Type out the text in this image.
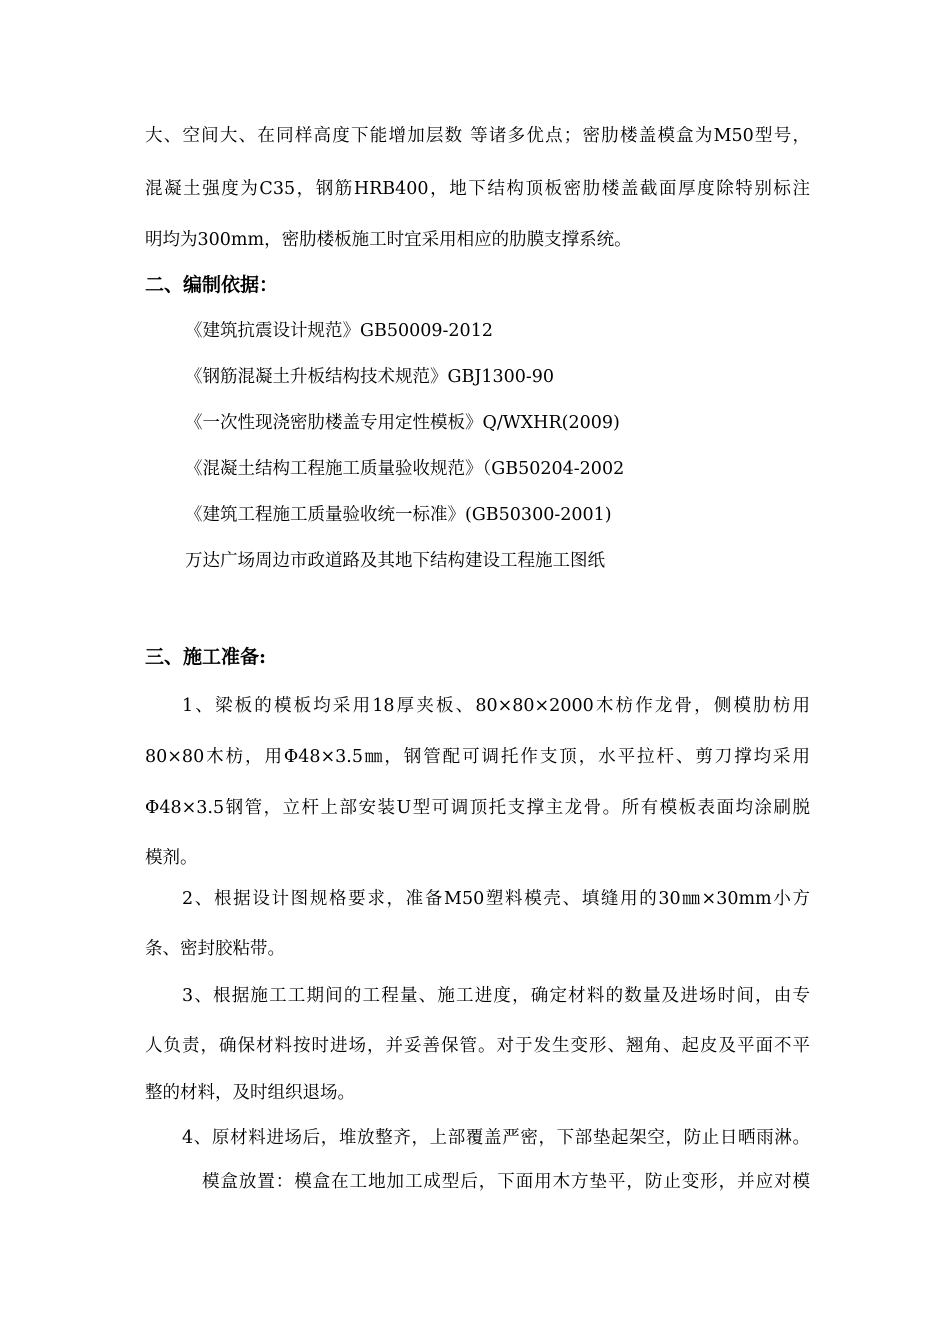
大、空间大、在同样高度下能增加层数 等诸多优点；密肋楼盖模盒为M50型号，
混凝土强度为C35，钢筋HRB400，地下结构顶板密肋楼盖截面厚度除特别标注
明均为300mm，密肋楼板施工时宜采用相应的肋膜支撑系统。
二、编制依据：
《建筑抗震设计规范》GB50009-2012
《钢筋混凝土升板结构技术规范》GBJ1300-90
《一次性现浇密肋楼盖专用定性模板》Q/WXHR(2009)
《混凝土结构工程施工质量验收规范》（GB50204-2002
《建筑工程施工质量验收统一标准》(GB50300-2001)
万达广场周边市政道路及其地下结构建设工程施工图纸
三、施工准备:
1、梁板的模板均采用18厚夹板、80×80×2000木枋作龙骨，侧模肋枋用
80×80木枋，用Φ48×3.5㎜，钢管配可调托作支顶，水平拉杆、剪刀撑均采用
Φ48×3.5钢管，立杆上部安装U型可调顶托支撑主龙骨。所有模板表面均涂刷脱
模剂。
2、根据设计图规格要求，准备M50塑料模壳、填缝用的30㎜×30mm小方
条、密封胶粘带。
3、根据施工工期间的工程量、施工进度，确定材料的数量及进场时间，由专
人负责，确保材料按时进场，并妥善保管。对于发生变形、翘角、起皮及平面不平
整的材料，及时组织退场。
4、原材料进场后，堆放整齐，上部覆盖严密，下部垫起架空，防止日晒雨淋。
模盒放置：模盒在工地加工成型后，下面用木方垫平，防止变形，并应对模
